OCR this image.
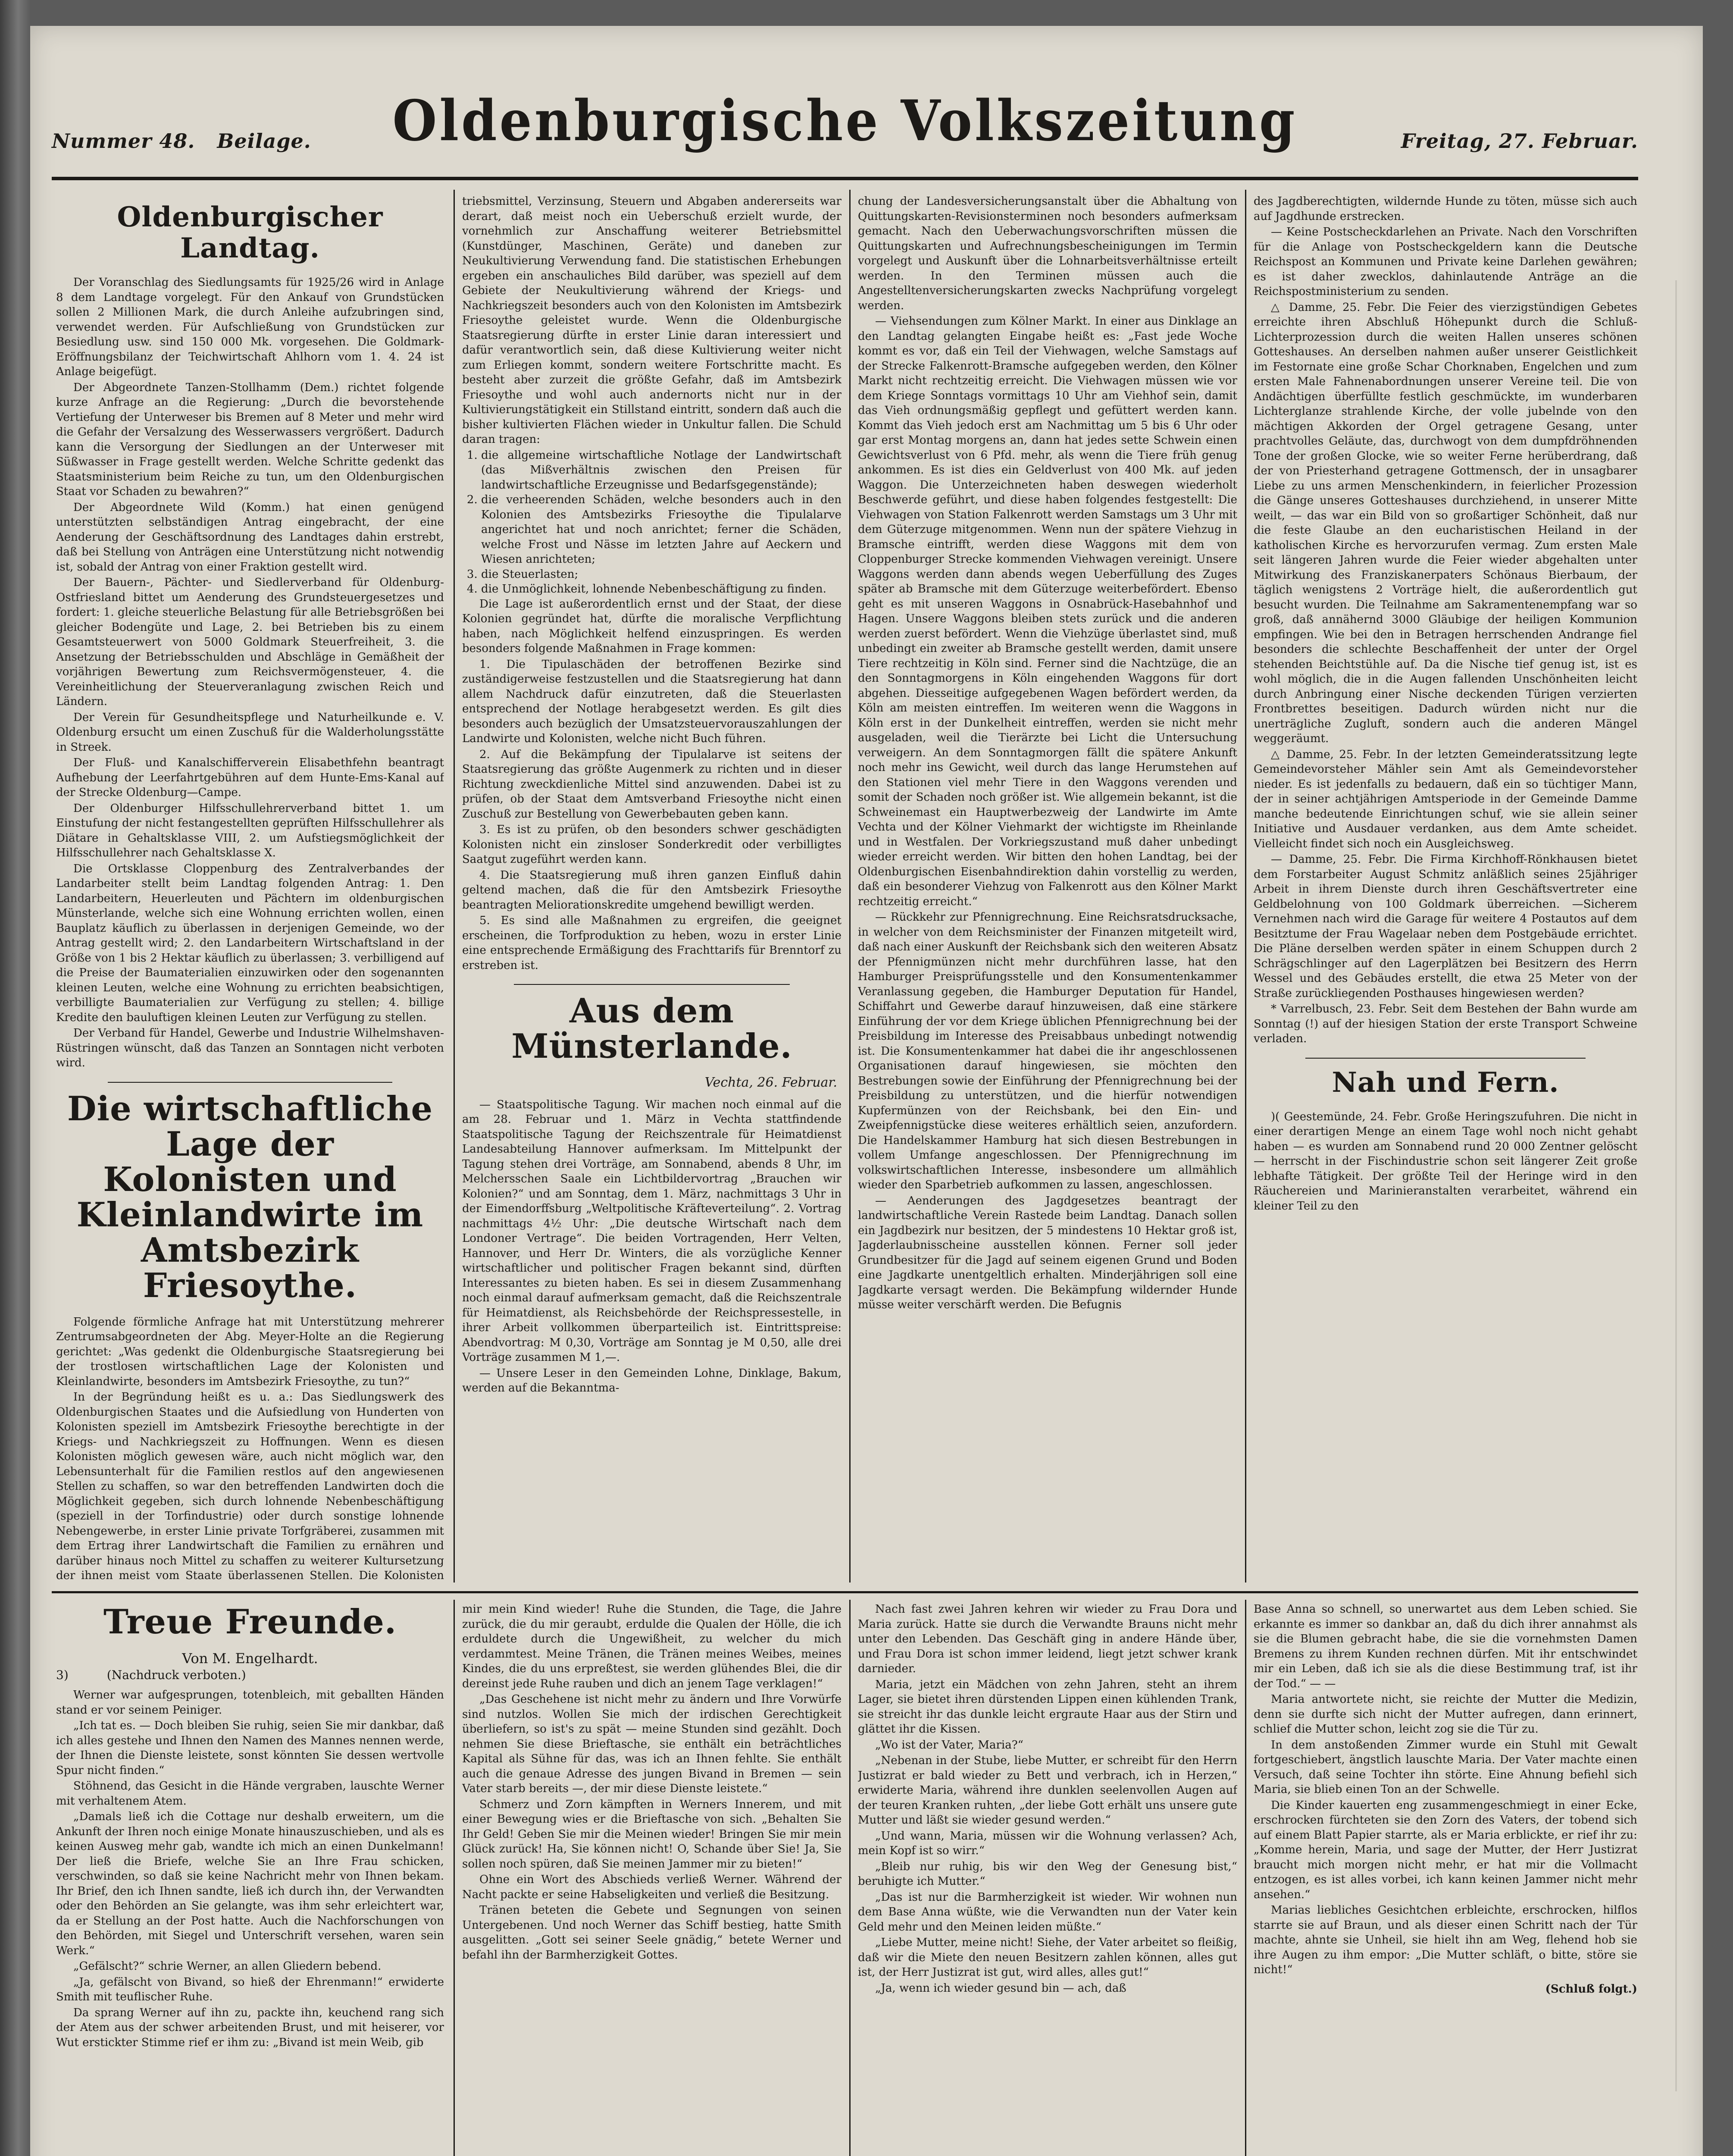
Nummer 48. Beilage.	Oldenburgische Volkszeitung	Freitag, 27. Februar.
Oldenburgischer Landtag.

Der Voranschlag des Siedlungsamts für 1925/26 wird in Anlage 8 dem Landtage vorgelegt. Für den Ankauf von Grundstücken sollen 2 Millionen Mark, die durch Anleihe aufzubringen sind, verwendet werden. Für Aufschließung von Grundstücken zur Besiedlung usw. sind 150 000 Mk. vorgesehen. Die Goldmark-Eröffnungsbilanz der Teichwirtschaft Ahlhorn vom 1. 4. 24 ist Anlage beigefügt.

Der Abgeordnete Tanzen-Stollhamm (Dem.) richtet folgende kurze Anfrage an die Regierung: „Durch die bevorstehende Vertiefung der Unterweser bis Bremen auf 8 Meter und mehr wird die Gefahr der Versalzung des Wesserwassers vergrößert. Dadurch kann die Versorgung der Siedlungen an der Unterweser mit Süßwasser in Frage gestellt werden. Welche Schritte gedenkt das Staatsministerium beim Reiche zu tun, um den Oldenburgischen Staat vor Schaden zu bewahren?“

Der Abgeordnete Wild (Komm.) hat einen genügend unterstützten selbständigen Antrag eingebracht, der eine Aenderung der Geschäftsordnung des Landtages dahin erstrebt, daß bei Stellung von Anträgen eine Unterstützung nicht notwendig ist, sobald der Antrag von einer Fraktion gestellt wird.

Der Bauern-, Pächter- und Siedlerverband für Oldenburg-Ostfriesland bittet um Aenderung des Grundsteuergesetzes und fordert: 1. gleiche steuerliche Belastung für alle Betriebsgrößen bei gleicher Bodengüte und Lage, 2. bei Betrieben bis zu einem Gesamtsteuerwert von 5000 Goldmark Steuerfreiheit, 3. die Ansetzung der Betriebsschulden und Abschläge in Gemäßheit der vorjährigen Bewertung zum Reichsvermögensteuer, 4. die Vereinheitlichung der Steuerveranlagung zwischen Reich und Ländern.

Der Verein für Gesundheitspflege und Naturheilkunde e. V. Oldenburg ersucht um einen Zuschuß für die Walderholungsstätte in Streek.

Der Fluß- und Kanalschifferverein Elisabethfehn beantragt Aufhebung der Leerfahrtgebühren auf dem Hunte-Ems-Kanal auf der Strecke Oldenburg—Campe.

Der Oldenburger Hilfsschullehrerverband bittet 1. um Einstufung der nicht festangestellten geprüften Hilfsschullehrer als Diätare in Gehaltsklasse VIII, 2. um Aufstiegsmöglichkeit der Hilfsschullehrer nach Gehaltsklasse X.

Die Ortsklasse Cloppenburg des Zentralverbandes der Landarbeiter stellt beim Landtag folgenden Antrag: 1. Den Landarbeitern, Heuerleuten und Pächtern im oldenburgischen Münsterlande, welche sich eine Wohnung errichten wollen, einen Bauplatz käuflich zu überlassen in derjenigen Gemeinde, wo der Antrag gestellt wird; 2. den Landarbeitern Wirtschaftsland in der Größe von 1 bis 2 Hektar käuflich zu überlassen; 3. verbilligend auf die Preise der Baumaterialien einzuwirken oder den sogenannten kleinen Leuten, welche eine Wohnung zu errichten beabsichtigen, verbilligte Baumaterialien zur Verfügung zu stellen; 4. billige Kredite den bauluftigen kleinen Leuten zur Verfügung zu stellen.

Der Verband für Handel, Gewerbe und Industrie Wilhelmshaven-Rüstringen wünscht, daß das Tanzen an Sonntagen nicht verboten wird.

Die wirtschaftliche Lage der Kolonisten und Kleinlandwirte im Amtsbezirk Friesoythe.

Folgende förmliche Anfrage hat mit Unterstützung mehrerer Zentrumsabgeordneten der Abg. Meyer-Holte an die Regierung gerichtet: „Was gedenkt die Oldenburgische Staatsregierung bei der trostlosen wirtschaftlichen Lage der Kolonisten und Kleinlandwirte, besonders im Amtsbezirk Friesoythe, zu tun?“

In der Begründung heißt es u. a.: Das Siedlungswerk des Oldenburgischen Staates und die Aufsiedlung von Hunderten von Kolonisten speziell im Amtsbezirk Friesoythe berechtigte in der Kriegs- und Nachkriegszeit zu Hoffnungen. Wenn es diesen Kolonisten möglich gewesen wäre, auch nicht möglich war, den Lebensunterhalt für die Familien restlos auf den angewiesenen Stellen zu schaffen, so war den betreffenden Landwirten doch die Möglichkeit gegeben, sich durch lohnende Nebenbeschäftigung (speziell in der Torfindustrie) oder durch sonstige lohnende Nebengewerbe, in erster Linie private Torfgräberei, zusammen mit dem Ertrag ihrer Landwirtschaft die Familien zu ernähren und darüber hinaus noch Mittel zu schaffen zu weiterer Kultursetzung der ihnen meist vom Staate überlassenen Stellen. Die Kolonisten

triebsmittel, Verzinsung, Steuern und Abgaben andererseits war derart, daß meist noch ein Ueberschuß erzielt wurde, der vornehmlich zur Anschaffung weiterer Betriebsmittel (Kunstdünger, Maschinen, Geräte) und daneben zur Neukultivierung Verwendung fand. Die statistischen Erhebungen ergeben ein anschauliches Bild darüber, was speziell auf dem Gebiete der Neukultivierung während der Kriegs- und Nachkriegszeit besonders auch von den Kolonisten im Amtsbezirk Friesoythe geleistet wurde. Wenn die Oldenburgische Staatsregierung dürfte in erster Linie daran interessiert und dafür verantwortlich sein, daß diese Kultivierung weiter nicht zum Erliegen kommt, sondern weitere Fortschritte macht. Es besteht aber zurzeit die größte Gefahr, daß im Amtsbezirk Friesoythe und wohl auch andernorts nicht nur in der Kultivierungstätigkeit ein Stillstand eintritt, sondern daß auch die bisher kultivierten Flächen wieder in Unkultur fallen. Die Schuld daran tragen:

1. die allgemeine wirtschaftliche Notlage der Landwirtschaft (das Mißverhältnis zwischen den Preisen für landwirtschaftliche Erzeugnisse und Bedarfsgegenstände);
2. die verheerenden Schäden, welche besonders auch in den Kolonien des Amtsbezirks Friesoythe die Tipulalarve angerichtet hat und noch anrichtet; ferner die Schäden, welche Frost und Nässe im letzten Jahre auf Aeckern und Wiesen anrichteten;
3. die Steuerlasten;
4. die Unmöglichkeit, lohnende Nebenbeschäftigung zu finden.

Die Lage ist außerordentlich ernst und der Staat, der diese Kolonien gegründet hat, dürfte die moralische Verpflichtung haben, nach Möglichkeit helfend einzuspringen. Es werden besonders folgende Maßnahmen in Frage kommen:

1. Die Tipulaschäden der betroffenen Bezirke sind zuständigerweise festzustellen und die Staatsregierung hat dann allem Nachdruck dafür einzutreten, daß die Steuerlasten entsprechend der Notlage herabgesetzt werden. Es gilt dies besonders auch bezüglich der Umsatzsteuervorauszahlungen der Landwirte und Kolonisten, welche nicht Buch führen.

2. Auf die Bekämpfung der Tipulalarve ist seitens der Staatsregierung das größte Augenmerk zu richten und in dieser Richtung zweckdienliche Mittel sind anzuwenden. Dabei ist zu prüfen, ob der Staat dem Amtsverband Friesoythe nicht einen Zuschuß zur Bestellung von Gewerbebauten geben kann.

3. Es ist zu prüfen, ob den besonders schwer geschädigten Kolonisten nicht ein zinsloser Sonderkredit oder verbilligtes Saatgut zugeführt werden kann.

4. Die Staatsregierung muß ihren ganzen Einfluß dahin geltend machen, daß die für den Amtsbezirk Friesoythe beantragten Meliorationskredite umgehend bewilligt werden.

5. Es sind alle Maßnahmen zu ergreifen, die geeignet erscheinen, die Torfproduktion zu heben, wozu in erster Linie eine entsprechende Ermäßigung des Frachttarifs für Brenntorf zu erstreben ist.

Aus dem Münsterlande.
Vechta, 26. Februar.

— Staatspolitische Tagung. Wir machen noch einmal auf die am 28. Februar und 1. März in Vechta stattfindende Staatspolitische Tagung der Reichszentrale für Heimatdienst Landesabteilung Hannover aufmerksam. Im Mittelpunkt der Tagung stehen drei Vorträge, am Sonnabend, abends 8 Uhr, im Melchersschen Saale ein Lichtbildervortrag „Brauchen wir Kolonien?“ und am Sonntag, dem 1. März, nachmittags 3 Uhr in der Eimendorffsburg „Weltpolitische Kräfteverteilung“. 2. Vortrag nachmittags 4½ Uhr: „Die deutsche Wirtschaft nach dem Londoner Vertrage“. Die beiden Vortragenden, Herr Velten, Hannover, und Herr Dr. Winters, die als vorzügliche Kenner wirtschaftlicher und politischer Fragen bekannt sind, dürften Interessantes zu bieten haben. Es sei in diesem Zusammenhang noch einmal darauf aufmerksam gemacht, daß die Reichszentrale für Heimatdienst, als Reichsbehörde der Reichspressestelle, in ihrer Arbeit vollkommen überparteilich ist. Eintrittspreise: Abendvortrag: M 0,30, Vorträge am Sonntag je M 0,50, alle drei Vorträge zusammen M 1,—.

— Unsere Leser in den Gemeinden Lohne, Dinklage, Bakum, werden auf die Bekanntma-

chung der Landesversicherungsanstalt über die Abhaltung von Quittungskarten-Revisionsterminen noch besonders aufmerksam gemacht. Nach den Ueberwachungsvorschriften müssen die Quittungskarten und Aufrechnungsbescheinigungen im Termin vorgelegt und Auskunft über die Lohnarbeitsverhältnisse erteilt werden. In den Terminen müssen auch die Angestelltenversicherungskarten zwecks Nachprüfung vorgelegt werden.

— Viehsendungen zum Kölner Markt. In einer aus Dinklage an den Landtag gelangten Eingabe heißt es: „Fast jede Woche kommt es vor, daß ein Teil der Viehwagen, welche Samstags auf der Strecke Falkenrott-Bramsche aufgegeben werden, den Kölner Markt nicht rechtzeitig erreicht. Die Viehwagen müssen wie vor dem Kriege Sonntags vormittags 10 Uhr am Viehhof sein, damit das Vieh ordnungsmäßig gepflegt und gefüttert werden kann. Kommt das Vieh jedoch erst am Nachmittag um 5 bis 6 Uhr oder gar erst Montag morgens an, dann hat jedes sette Schwein einen Gewichtsverlust von 6 Pfd. mehr, als wenn die Tiere früh genug ankommen. Es ist dies ein Geldverlust von 400 Mk. auf jeden Waggon. Die Unterzeichneten haben deswegen wiederholt Beschwerde geführt, und diese haben folgendes festgestellt: Die Viehwagen von Station Falkenrott werden Samstags um 3 Uhr mit dem Güterzuge mitgenommen. Wenn nun der spätere Viehzug in Bramsche eintrifft, werden diese Waggons mit dem von Cloppenburger Strecke kommenden Viehwagen vereinigt. Unsere Waggons werden dann abends wegen Ueberfüllung des Zuges später ab Bramsche mit dem Güterzuge weiterbefördert. Ebenso geht es mit unseren Waggons in Osnabrück-Hasebahnhof und Hagen. Unsere Waggons bleiben stets zurück und die anderen werden zuerst befördert. Wenn die Viehzüge überlastet sind, muß unbedingt ein zweiter ab Bramsche gestellt werden, damit unsere Tiere rechtzeitig in Köln sind. Ferner sind die Nachtzüge, die an den Sonntagmorgens in Köln eingehenden Waggons für dort abgehen. Diesseitige aufgegebenen Wagen befördert werden, da Köln am meisten eintreffen. Im weiteren wenn die Waggons in Köln erst in der Dunkelheit eintreffen, werden sie nicht mehr ausgeladen, weil die Tierärzte bei Licht die Untersuchung verweigern. An dem Sonntagmorgen fällt die spätere Ankunft noch mehr ins Gewicht, weil durch das lange Herumstehen auf den Stationen viel mehr Tiere in den Waggons verenden und somit der Schaden noch größer ist. Wie allgemein bekannt, ist die Schweinemast ein Hauptwerbezweig der Landwirte im Amte Vechta und der Kölner Viehmarkt der wichtigste im Rheinlande und in Westfalen. Der Vorkriegszustand muß daher unbedingt wieder erreicht werden. Wir bitten den hohen Landtag, bei der Oldenburgischen Eisenbahndirektion dahin vorstellig zu werden, daß ein besonderer Viehzug von Falkenrott aus den Kölner Markt rechtzeitig erreicht.“

— Rückkehr zur Pfennigrechnung. Eine Reichsratsdrucksache, in welcher von dem Reichsminister der Finanzen mitgeteilt wird, daß nach einer Auskunft der Reichsbank sich den weiteren Absatz der Pfennigmünzen nicht mehr durchführen lasse, hat den Hamburger Preisprüfungsstelle und den Konsumentenkammer Veranlassung gegeben, die Hamburger Deputation für Handel, Schiffahrt und Gewerbe darauf hinzuweisen, daß eine stärkere Einführung der vor dem Kriege üblichen Pfennigrechnung bei der Preisbildung im Interesse des Preisabbaus unbedingt notwendig ist. Die Konsumentenkammer hat dabei die ihr angeschlossenen Organisationen darauf hingewiesen, sie möchten den Bestrebungen sowie der Einführung der Pfennigrechnung bei der Preisbildung zu unterstützen, und die hierfür notwendigen Kupfermünzen von der Reichsbank, bei den Ein- und Zweipfennigstücke diese weiteres erhältlich seien, anzufordern. Die Handelskammer Hamburg hat sich diesen Bestrebungen in vollem Umfange angeschlossen. Der Pfennigrechnung im volkswirtschaftlichen Interesse, insbesondere um allmählich wieder den Sparbetrieb aufkommen zu lassen, angeschlossen.

— Aenderungen des Jagdgesetzes beantragt der landwirtschaftliche Verein Rastede beim Landtag. Danach sollen ein Jagdbezirk nur besitzen, der 5 mindestens 10 Hektar groß ist, Jagderlaubnisscheine ausstellen können. Ferner soll jeder Grundbesitzer für die Jagd auf seinem eigenen Grund und Boden eine Jagdkarte unentgeltlich erhalten. Minderjährigen soll eine Jagdkarte versagt werden. Die Bekämpfung wildernder Hunde müsse weiter verschärft werden. Die Befugnis

des Jagdberechtigten, wildernde Hunde zu töten, müsse sich auch auf Jagdhunde erstrecken.

— Keine Postscheckdarlehen an Private. Nach den Vorschriften für die Anlage von Postscheckgeldern kann die Deutsche Reichspost an Kommunen und Private keine Darlehen gewähren; es ist daher zwecklos, dahinlautende Anträge an die Reichspostministerium zu senden.

△ Damme, 25. Febr. Die Feier des vierzigstündigen Gebetes erreichte ihren Abschluß Höhepunkt durch die Schluß-Lichterprozession durch die weiten Hallen unseres schönen Gotteshauses. An derselben nahmen außer unserer Geistlichkeit im Festornate eine große Schar Chorknaben, Engelchen und zum ersten Male Fahnenabordnungen unserer Vereine teil. Die von Andächtigen überfüllte festlich geschmückte, im wunderbaren Lichterglanze strahlende Kirche, der volle jubelnde von den mächtigen Akkorden der Orgel getragene Gesang, unter prachtvolles Geläute, das, durchwogt von dem dumpfdröhnenden Tone der großen Glocke, wie so weiter Ferne herüberdrang, daß der von Priesterhand getragene Gottmensch, der in unsagbarer Liebe zu uns armen Menschenkindern, in feierlicher Prozession die Gänge unseres Gotteshauses durchziehend, in unserer Mitte weilt, — das war ein Bild von so großartiger Schönheit, daß nur die feste Glaube an den eucharistischen Heiland in der katholischen Kirche es hervorzurufen vermag. Zum ersten Male seit längeren Jahren wurde die Feier wieder abgehalten unter Mitwirkung des Franziskanerpaters Schönaus Bierbaum, der täglich wenigstens 2 Vorträge hielt, die außerordentlich gut besucht wurden. Die Teilnahme am Sakramentenempfang war so groß, daß annähernd 3000 Gläubige der heiligen Kommunion empfingen. Wie bei den in Betragen herrschenden Andrange fiel besonders die schlechte Beschaffenheit der unter der Orgel stehenden Beichtstühle auf. Da die Nische tief genug ist, ist es wohl möglich, die in die Augen fallenden Unschönheiten leicht durch Anbringung einer Nische deckenden Türigen verzierten Frontbrettes beseitigen. Dadurch würden nicht nur die unerträgliche Zugluft, sondern auch die anderen Mängel weggeräumt.

△ Damme, 25. Febr. In der letzten Gemeinderatssitzung legte Gemeindevorsteher Mähler sein Amt als Gemeindevorsteher nieder. Es ist jedenfalls zu bedauern, daß ein so tüchtiger Mann, der in seiner achtjährigen Amtsperiode in der Gemeinde Damme manche bedeutende Einrichtungen schuf, wie sie allein seiner Initiative und Ausdauer verdanken, aus dem Amte scheidet. Vielleicht findet sich noch ein Ausgleichsweg.

— Damme, 25. Febr. Die Firma Kirchhoff-Rönkhausen bietet dem Forstarbeiter August Schmitz anläßlich seines 25jähriger Arbeit in ihrem Dienste durch ihren Geschäftsvertreter eine Geldbelohnung von 100 Goldmark überreichen. —Sicherem Vernehmen nach wird die Garage für weitere 4 Postautos auf dem Besitztume der Frau Wagelaar neben dem Postgebäude errichtet. Die Pläne derselben werden später in einem Schuppen durch 2 Schrägschlinger auf den Lagerplätzen bei Besitzern des Herrn Wessel und des Gebäudes erstellt, die etwa 25 Meter von der Straße zurückliegenden Posthauses hingewiesen werden?

* Varrelbusch, 23. Febr. Seit dem Bestehen der Bahn wurde am Sonntag (!) auf der hiesigen Station der erste Transport Schweine verladen.

Nah und Fern.

)( Geestemünde, 24. Febr. Große Heringszufuhren. Die nicht in einer derartigen Menge an einem Tage wohl noch nicht gehabt haben — es wurden am Sonnabend rund 20 000 Zentner gelöscht — herrscht in der Fischindustrie schon seit längerer Zeit große lebhafte Tätigkeit. Der größte Teil der Heringe wird in den Räuchereien und Marinieranstalten verarbeitet, während ein kleiner Teil zu den

Treue Freunde.
Von M. Engelhardt.
3)	(Nachdruck verboten.)

Werner war aufgesprungen, totenbleich, mit geballten Händen stand er vor seinem Peiniger.

„Ich tat es. — Doch bleiben Sie ruhig, seien Sie mir dankbar, daß ich alles gestehe und Ihnen den Namen des Mannes nennen werde, der Ihnen die Dienste leistete, sonst könnten Sie dessen wertvolle Spur nicht finden.“

Stöhnend, das Gesicht in die Hände vergraben, lauschte Werner mit verhaltenem Atem.

„Damals ließ ich die Cottage nur deshalb erweitern, um die Ankunft der Ihren noch einige Monate hinauszuschieben, und als es keinen Ausweg mehr gab, wandte ich mich an einen Dunkelmann! Der ließ die Briefe, welche Sie an Ihre Frau schicken, verschwinden, so daß sie keine Nachricht mehr von Ihnen bekam. Ihr Brief, den ich Ihnen sandte, ließ ich durch ihn, der Verwandten oder den Behörden an Sie gelangte, was ihm sehr erleichtert war, da er Stellung an der Post hatte. Auch die Nachforschungen von den Behörden, mit Siegel und Unterschrift versehen, waren sein Werk.“

„Gefälscht?“ schrie Werner, an allen Gliedern bebend.

„Ja, gefälscht von Bivand, so hieß der Ehrenmann!“ erwiderte Smith mit teuflischer Ruhe.

Da sprang Werner auf ihn zu, packte ihn, keuchend rang sich der Atem aus der schwer arbeitenden Brust, und mit heiserer, vor Wut erstickter Stimme rief er ihm zu: „Bivand ist mein Weib, gib

mir mein Kind wieder! Ruhe die Stunden, die Tage, die Jahre zurück, die du mir geraubt, erdulde die Qualen der Hölle, die ich erduldete durch die Ungewißheit, zu welcher du mich verdammtest. Meine Tränen, die Tränen meines Weibes, meines Kindes, die du uns erpreßtest, sie werden glühendes Blei, die dir dereinst jede Ruhe rauben und dich an jenem Tage verklagen!“

„Das Geschehene ist nicht mehr zu ändern und Ihre Vorwürfe sind nutzlos. Wollen Sie mich der irdischen Gerechtigkeit überliefern, so ist's zu spät — meine Stunden sind gezählt. Doch nehmen Sie diese Brieftasche, sie enthält ein beträchtliches Kapital als Sühne für das, was ich an Ihnen fehlte. Sie enthält auch die genaue Adresse des jungen Bivand in Bremen — sein Vater starb bereits —, der mir diese Dienste leistete.“

Schmerz und Zorn kämpften in Werners Innerem, und mit einer Bewegung wies er die Brieftasche von sich. „Behalten Sie Ihr Geld! Geben Sie mir die Meinen wieder! Bringen Sie mir mein Glück zurück! Ha, Sie können nicht! O, Schande über Sie! Ja, Sie sollen noch spüren, daß Sie meinen Jammer mir zu bieten!“

Ohne ein Wort des Abschieds verließ Werner. Während der Nacht packte er seine Habseligkeiten und verließ die Besitzung.

Tränen beteten die Gebete und Segnungen von seinen Untergebenen. Und noch Werner das Schiff bestieg, hatte Smith ausgelitten. „Gott sei seiner Seele gnädig,“ betete Werner und befahl ihn der Barmherzigkeit Gottes.

Nach fast zwei Jahren kehren wir wieder zu Frau Dora und Maria zurück. Hatte sie durch die Verwandte Brauns nicht mehr unter den Lebenden. Das Geschäft ging in andere Hände über, und Frau Dora ist schon immer leidend, liegt jetzt schwer krank darnieder.

Maria, jetzt ein Mädchen von zehn Jahren, steht an ihrem Lager, sie bietet ihren dürstenden Lippen einen kühlenden Trank, sie streicht ihr das dunkle leicht ergraute Haar aus der Stirn und glättet ihr die Kissen.

„Wo ist der Vater, Maria?“

„Nebenan in der Stube, liebe Mutter, er schreibt für den Herrn Justizrat er bald wieder zu Bett und verbrach, ich in Herzen,“ erwiderte Maria, während ihre dunklen seelenvollen Augen auf der teuren Kranken ruhten, „der liebe Gott erhält uns unsere gute Mutter und läßt sie wieder gesund werden.“

„Und wann, Maria, müssen wir die Wohnung verlassen? Ach, mein Kopf ist so wirr.“

„Bleib nur ruhig, bis wir den Weg der Genesung bist,“ beruhigte ich Mutter.“

„Das ist nur die Barmherzigkeit ist wieder. Wir wohnen nun dem Base Anna wüßte, wie die Verwandten nun der Vater kein Geld mehr und den Meinen leiden müßte.“

„Liebe Mutter, meine nicht! Siehe, der Vater arbeitet so fleißig, daß wir die Miete den neuen Besitzern zahlen können, alles gut ist, der Herr Justizrat ist gut, wird alles, alles gut!“

„Ja, wenn ich wieder gesund bin — ach, daß

Base Anna so schnell, so unerwartet aus dem Leben schied. Sie erkannte es immer so dankbar an, daß du dich ihrer annahmst als sie die Blumen gebracht habe, die sie die vornehmsten Damen Bremens zu ihrem Kunden rechnen dürfen. Mit ihr entschwindet mir ein Leben, daß ich sie als die diese Bestimmung traf, ist ihr der Tod.“ — —

Maria antwortete nicht, sie reichte der Mutter die Medizin, denn sie durfte sich nicht der Mutter aufregen, dann erinnert, schlief die Mutter schon, leicht zog sie die Tür zu.

In dem anstoßenden Zimmer wurde ein Stuhl mit Gewalt fortgeschiebert, ängstlich lauschte Maria. Der Vater machte einen Versuch, daß seine Tochter ihn störte. Eine Ahnung befiehl sich Maria, sie blieb einen Ton an der Schwelle.

Die Kinder kauerten eng zusammengeschmiegt in einer Ecke, erschrocken fürchteten sie den Zorn des Vaters, der tobend sich auf einem Blatt Papier starrte, als er Maria erblickte, er rief ihr zu: „Komme herein, Maria, und sage der Mutter, der Herr Justizrat braucht mich morgen nicht mehr, er hat mir die Vollmacht entzogen, es ist alles vorbei, ich kann keinen Jammer nicht mehr ansehen.“

Marias liebliches Gesichtchen erbleichte, erschrocken, hilflos starrte sie auf Braun, und als dieser einen Schritt nach der Tür machte, ahnte sie Unheil, sie hielt ihn am Weg, flehend hob sie ihre Augen zu ihm empor: „Die Mutter schläft, o bitte, störe sie nicht!“

(Schluß folgt.)
